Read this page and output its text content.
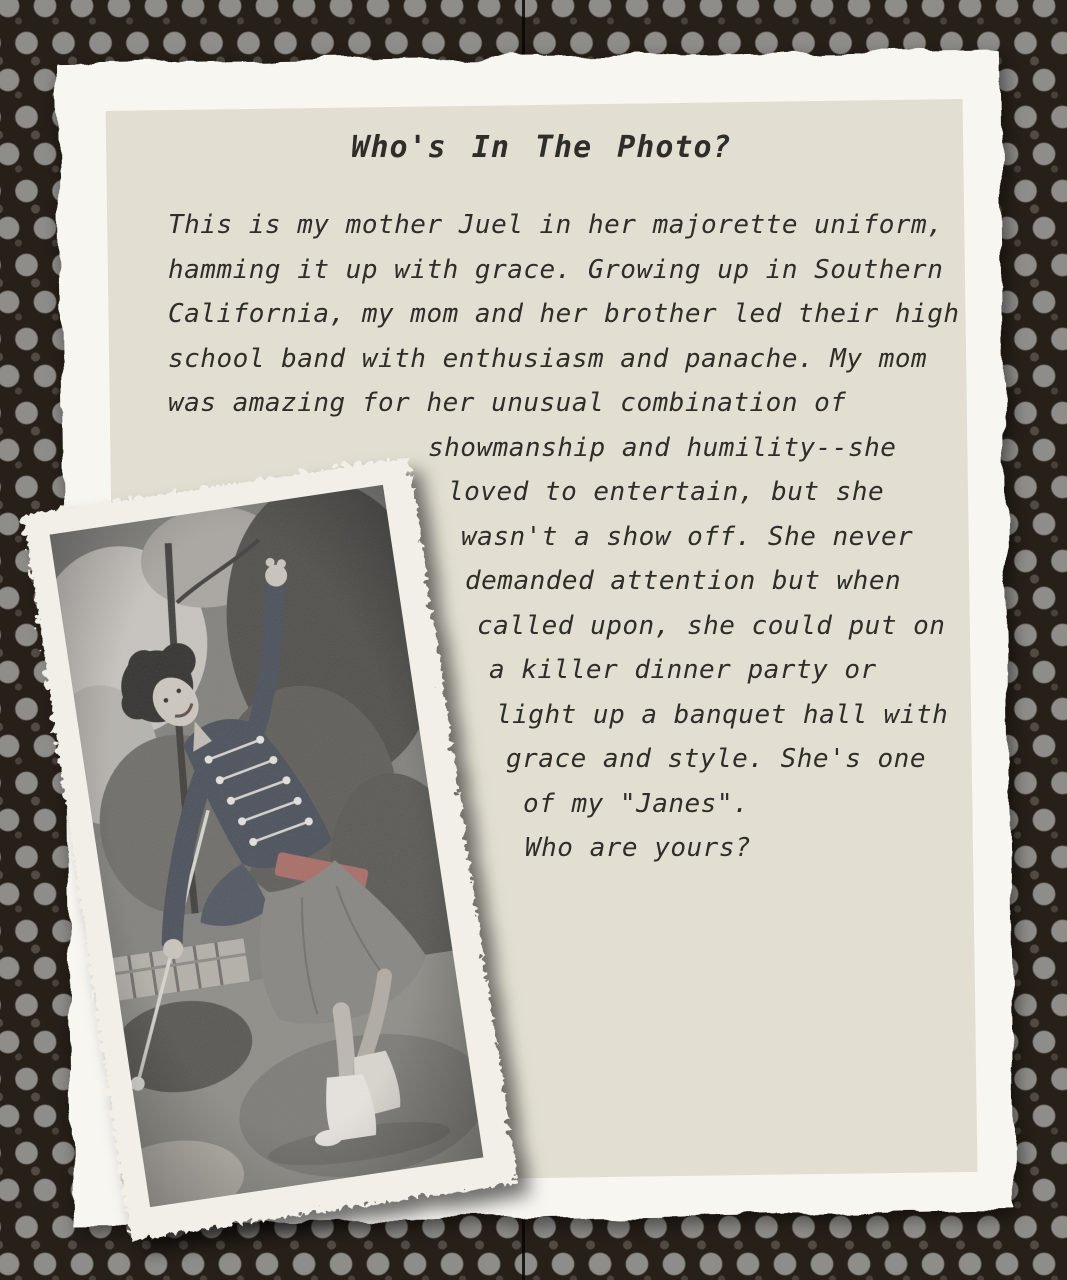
Who's In The Photo?
This is my mother Juel in her majorette uniform,
hamming it up with grace. Growing up in Southern
California, my mom and her brother led their high
school band with enthusiasm and panache. My mom
was amazing for her unusual combination of
showmanship and humility--she
loved to entertain, but she
wasn't a show off. She never
demanded attention but when
called upon, she could put on
a killer dinner party or
light up a banquet hall with
grace and style. She's one
of my "Janes".
Who are yours?
